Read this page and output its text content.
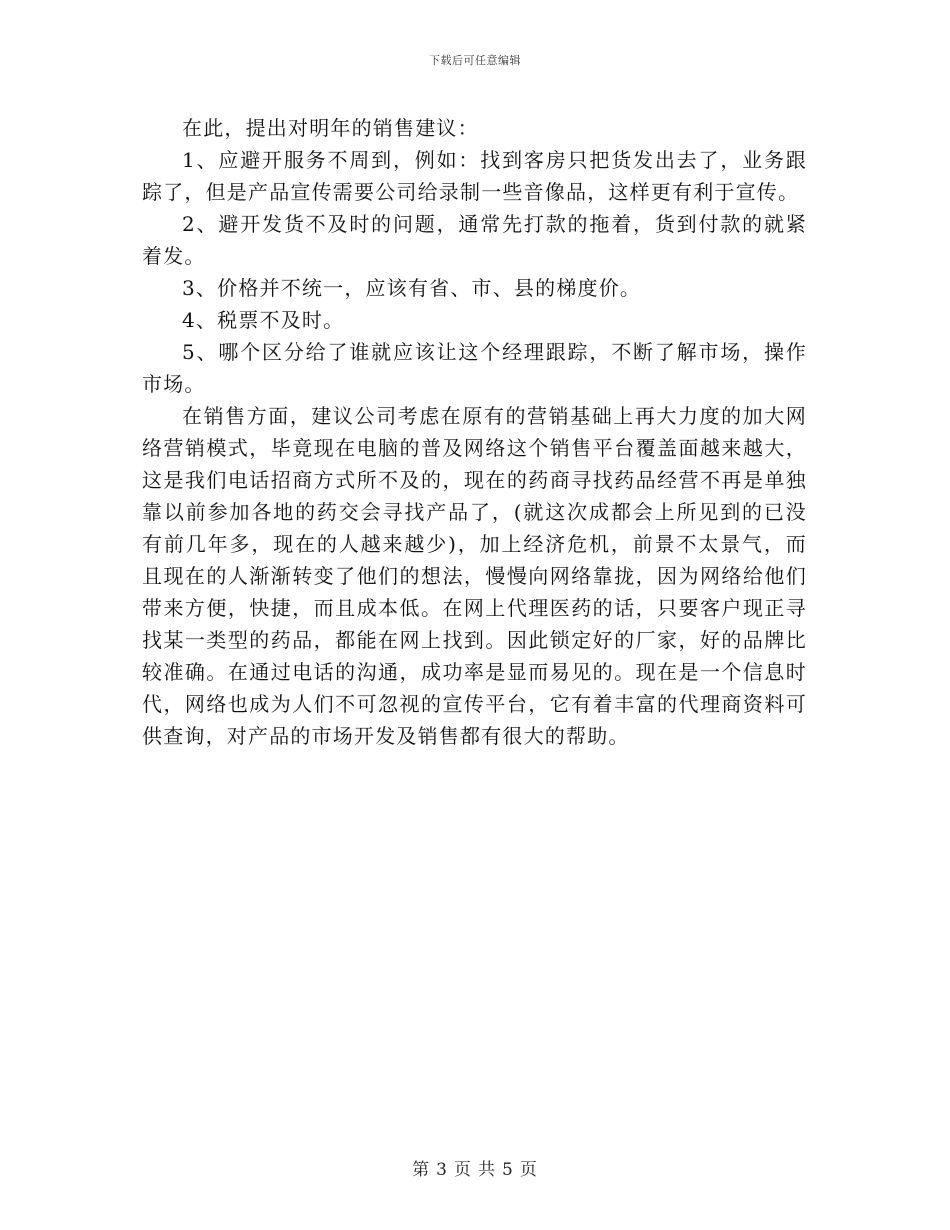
下载后可任意编辑

在此，提出对明年的销售建议：

1、应避开服务不周到，例如：找到客房只把货发出去了，业务跟踪了，但是产品宣传需要公司给录制一些音像品，这样更有利于宣传。

2、避开发货不及时的问题，通常先打款的拖着，货到付款的就紧着发。

3、价格并不统一，应该有省、市、县的梯度价。

4、税票不及时。

5、哪个区分给了谁就应该让这个经理跟踪，不断了解市场，操作市场。

在销售方面，建议公司考虑在原有的营销基础上再大力度的加大网络营销模式，毕竟现在电脑的普及网络这个销售平台覆盖面越来越大，这是我们电话招商方式所不及的，现在的药商寻找药品经营不再是单独靠以前参加各地的药交会寻找产品了，(就这次成都会上所见到的已没有前几年多，现在的人越来越少)，加上经济危机，前景不太景气，而且现在的人渐渐转变了他们的想法，慢慢向网络靠拢，因为网络给他们带来方便，快捷，而且成本低。在网上代理医药的话，只要客户现正寻找某一类型的药品，都能在网上找到。因此锁定好的厂家，好的品牌比较准确。在通过电话的沟通，成功率是显而易见的。现在是一个信息时代，网络也成为人们不可忽视的宣传平台，它有着丰富的代理商资料可供查询，对产品的市场开发及销售都有很大的帮助。

第 3 页 共 5 页
